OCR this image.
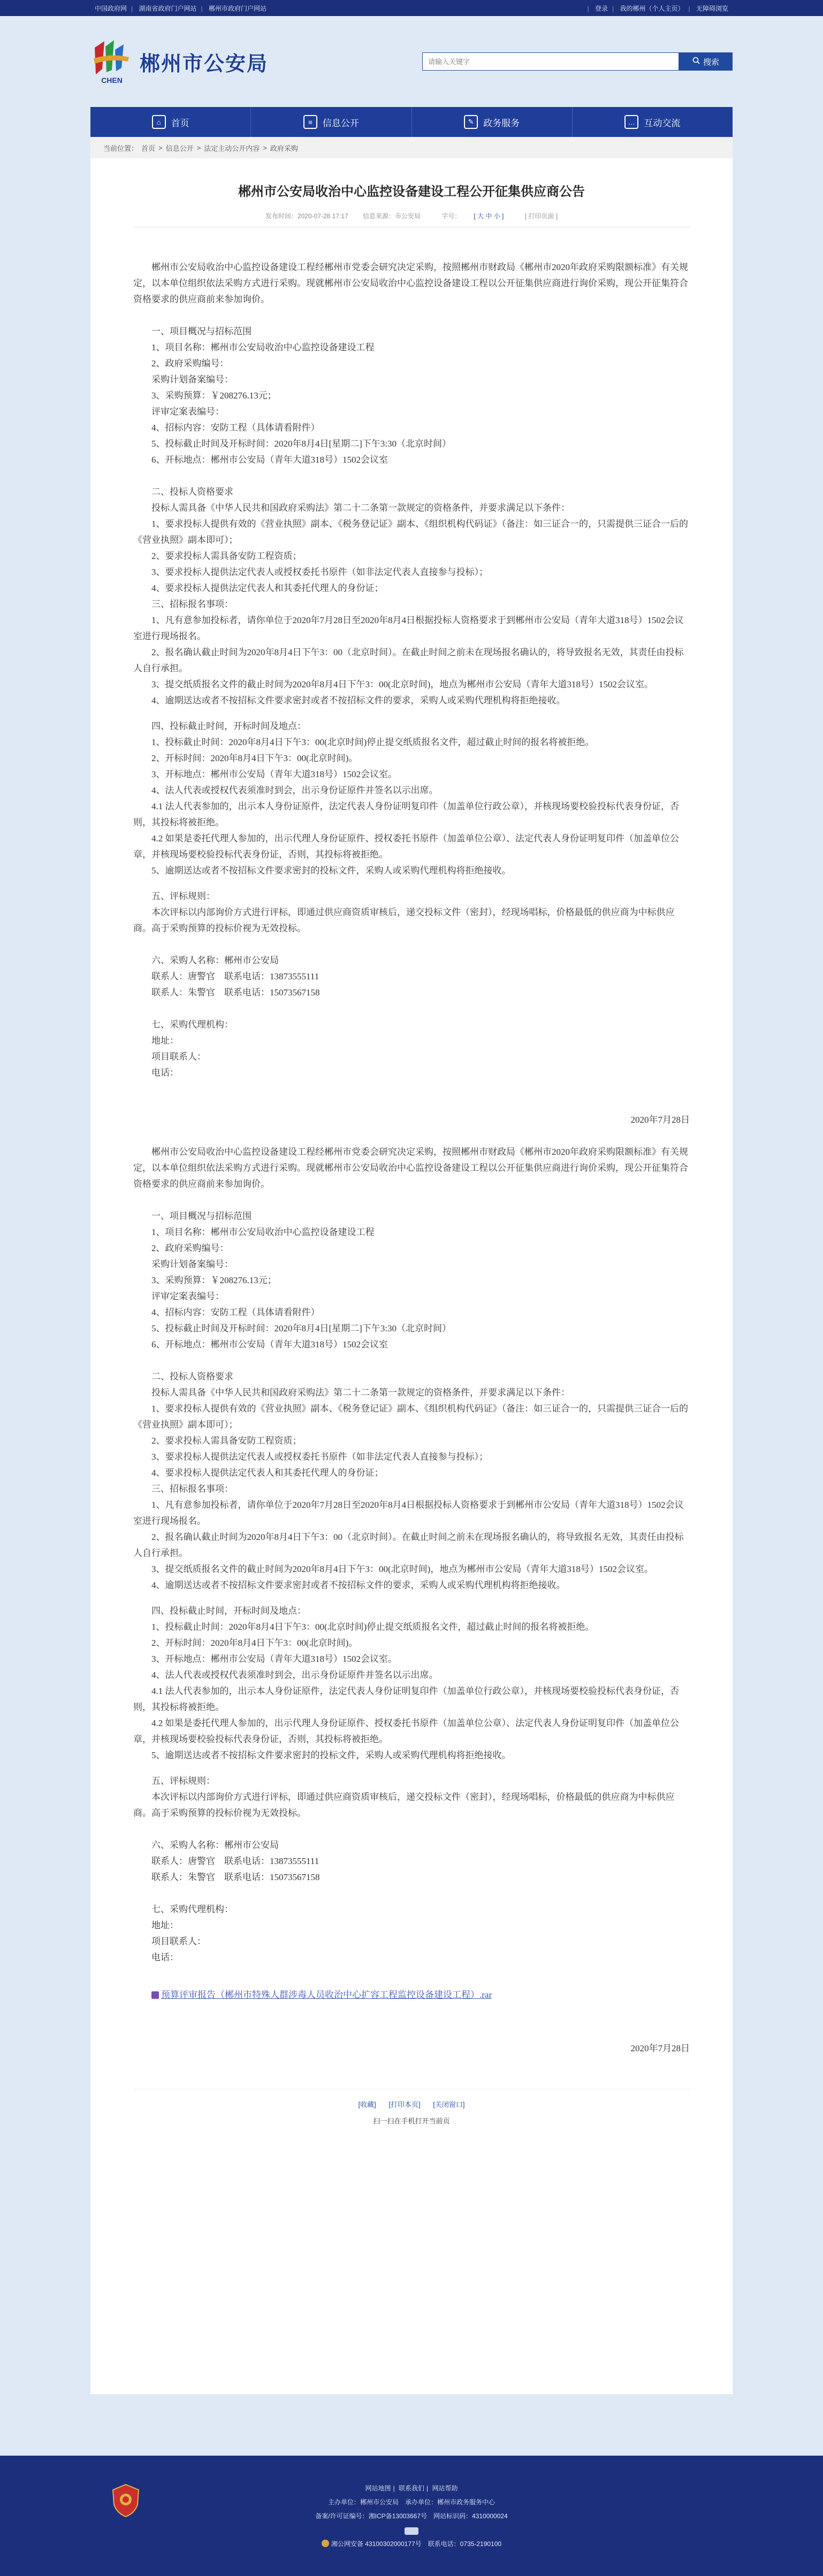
中国政府网 | 湖南省政府门户网站 | 郴州市政府门户网站	| 登录 | 我的郴州（个人主页） | 无障碍浏览
CHEN
郴州市公安局
请输入关键字	搜索
⌂	首页	≡	信息公开	✎	政务服务	… 互动交流
当前位置： 首页 > 信息公开 > 法定主动公开内容 > 政府采购
郴州市公安局收治中心监控设备建设工程公开征集供应商公告
发布时间：2020-07-28 17:17 信息来源：市公安局	字号： [ 大 中 小 ]	[ 打印页面 ]

郴州市公安局收治中心监控设备建设工程经郴州市党委会研究决定采购，按照郴州市财政局《郴州市2020年政府采购限额标准》有关规定，以本单位组织依法采购方式进行采购。现就郴州市公安局收治中心监控设备建设工程以公开征集供应商进行询价采购，现公开征集符合资格要求的供应商前来参加询价。

一、项目概况与招标范围

1、项目名称：郴州市公安局收治中心监控设备建设工程

2、政府采购编号：

采购计划备案编号：

3、采购预算：￥208276.13元；

评审定案表编号：

4、招标内容：安防工程（具体请看附件）

5、投标截止时间及开标时间：2020年8月4日[星期二]下午3:30（北京时间）

6、开标地点：郴州市公安局（青年大道318号）1502会议室

二、投标人资格要求

投标人需具备《中华人民共和国政府采购法》第二十二条第一款规定的资格条件，并要求满足以下条件：

1、要求投标人提供有效的《营业执照》副本、《税务登记证》副本、《组织机构代码证》（备注：如三证合一的，只需提供三证合一后的《营业执照》副本即可）；

2、要求投标人需具备安防工程资质；

3、要求投标人提供法定代表人或授权委托书原件（如非法定代表人直接参与投标）；

4、要求投标人提供法定代表人和其委托代理人的身份证；

三、招标报名事项：

1、凡有意参加投标者，请你单位于2020年7月28日至2020年8月4日根据投标人资格要求于到郴州市公安局（青年大道318号）1502会议室进行现场报名。

2、报名确认截止时间为2020年8月4日下午3：00（北京时间）。在截止时间之前未在现场报名确认的，将导致报名无效，其责任由投标人自行承担。

3、提交纸质报名文件的截止时间为2020年8月4日下午3：00(北京时间)，地点为郴州市公安局（青年大道318号）1502会议室。

4、逾期送达或者不按招标文件要求密封或者不按招标文件的要求，采购人或采购代理机构将拒绝接收。

四、投标截止时间，开标时间及地点：

1、投标截止时间：2020年8月4日下午3：00(北京时间)停止提交纸质报名文件，超过截止时间的报名将被拒绝。

2、开标时间：2020年8月4日下午3：00(北京时间)。

3、开标地点：郴州市公安局（青年大道318号）1502会议室。

4、法人代表或授权代表须准时到会，出示身份证原件并签名以示出席。

4.1 法人代表参加的，出示本人身份证原件，法定代表人身份证明复印件（加盖单位行政公章），并核现场要校验投标代表身份证，否则，其投标将被拒绝。

4.2 如果是委托代理人参加的，出示代理人身份证原件、授权委托书原件（加盖单位公章）、法定代表人身份证明复印件（加盖单位公章，并核现场要校验投标代表身份证，否则，其投标将被拒绝。

5、逾期送达或者不按招标文件要求密封的投标文件，采购人或采购代理机构将拒绝接收。

五、评标规则：

本次评标以内部询价方式进行评标，即通过供应商资质审核后，递交投标文件（密封），经现场唱标，价格最低的供应商为中标供应商。高于采购预算的投标价视为无效投标。

六、采购人名称：郴州市公安局

联系人：唐警官　联系电话：13873555111

联系人：朱警官　联系电话：15073567158

七、采购代理机构：

地址：

项目联系人：

电话：

2020年7月28日

郴州市公安局收治中心监控设备建设工程经郴州市党委会研究决定采购，按照郴州市财政局《郴州市2020年政府采购限额标准》有关规定，以本单位组织依法采购方式进行采购。现就郴州市公安局收治中心监控设备建设工程以公开征集供应商进行询价采购，现公开征集符合资格要求的供应商前来参加询价。

一、项目概况与招标范围

1、项目名称：郴州市公安局收治中心监控设备建设工程

2、政府采购编号：

采购计划备案编号：

3、采购预算：￥208276.13元；

评审定案表编号：

4、招标内容：安防工程（具体请看附件）

5、投标截止时间及开标时间：2020年8月4日[星期二]下午3:30（北京时间）

6、开标地点：郴州市公安局（青年大道318号）1502会议室

二、投标人资格要求

投标人需具备《中华人民共和国政府采购法》第二十二条第一款规定的资格条件，并要求满足以下条件：

1、要求投标人提供有效的《营业执照》副本、《税务登记证》副本、《组织机构代码证》（备注：如三证合一的，只需提供三证合一后的《营业执照》副本即可）；

2、要求投标人需具备安防工程资质；

3、要求投标人提供法定代表人或授权委托书原件（如非法定代表人直接参与投标）；

4、要求投标人提供法定代表人和其委托代理人的身份证；

三、招标报名事项：

1、凡有意参加投标者，请你单位于2020年7月28日至2020年8月4日根据投标人资格要求于到郴州市公安局（青年大道318号）1502会议室进行现场报名。

2、报名确认截止时间为2020年8月4日下午3：00（北京时间）。在截止时间之前未在现场报名确认的，将导致报名无效，其责任由投标人自行承担。

3、提交纸质报名文件的截止时间为2020年8月4日下午3：00(北京时间)，地点为郴州市公安局（青年大道318号）1502会议室。

4、逾期送达或者不按招标文件要求密封或者不按招标文件的要求，采购人或采购代理机构将拒绝接收。

四、投标截止时间，开标时间及地点：

1、投标截止时间：2020年8月4日下午3：00(北京时间)停止提交纸质报名文件，超过截止时间的报名将被拒绝。

2、开标时间：2020年8月4日下午3：00(北京时间)。

3、开标地点：郴州市公安局（青年大道318号）1502会议室。

4、法人代表或授权代表须准时到会，出示身份证原件并签名以示出席。

4.1 法人代表参加的，出示本人身份证原件，法定代表人身份证明复印件（加盖单位行政公章），并核现场要校验投标代表身份证，否则，其投标将被拒绝。

4.2 如果是委托代理人参加的，出示代理人身份证原件、授权委托书原件（加盖单位公章）、法定代表人身份证明复印件（加盖单位公章，并核现场要校验投标代表身份证，否则，其投标将被拒绝。

5、逾期送达或者不按招标文件要求密封的投标文件，采购人或采购代理机构将拒绝接收。

五、评标规则：

本次评标以内部询价方式进行评标，即通过供应商资质审核后，递交投标文件（密封），经现场唱标，价格最低的供应商为中标供应商。高于采购预算的投标价视为无效投标。

六、采购人名称：郴州市公安局

联系人：唐警官　联系电话：13873555111

联系人：朱警官　联系电话：15073567158

七、采购代理机构：

地址：

项目联系人：

电话：

预算评审报告（郴州市特殊人群涉毒人员收治中心扩容工程监控设备建设工程）.rar

2020年7月28日

[收藏] [打印本页] [关闭窗口]
扫一扫在手机打开当前页
网站地图 | 联系我们 | 网站帮助
主办单位：郴州市公安局　承办单位：郴州市政务服务中心
备案/许可证编号：湘ICP备13003667号　网站标识码：4310000024

湘公网安备 43100302000177号　联系电话：0735-2190100
